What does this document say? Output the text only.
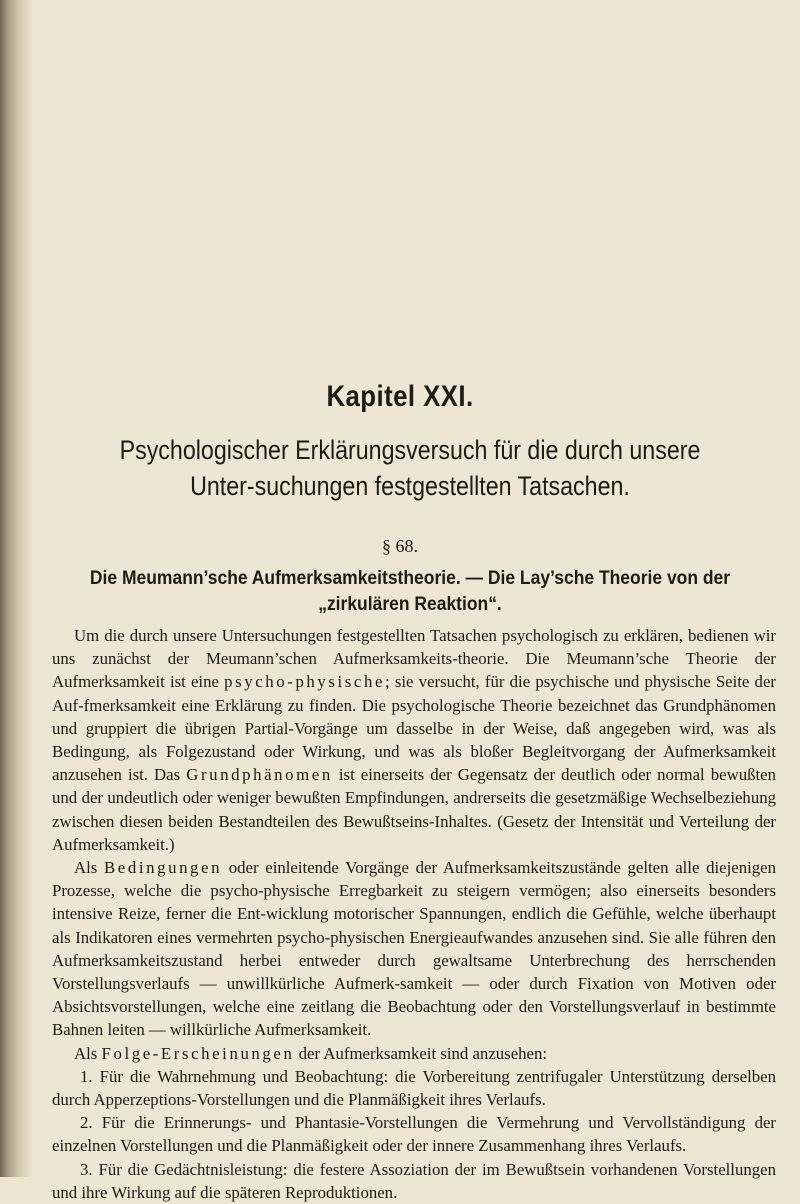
Kapitel XXI.
Psychologischer Erklärungsversuch für die durch unsere Unter-suchungen festgestellten Tatsachen.
§ 68.
Die Meumann’sche Aufmerksamkeitstheorie. — Die Lay’sche Theorie von der „zirkulären Reaktion“.

Um die durch unsere Untersuchungen festgestellten Tatsachen psychologisch zu erklären, bedienen wir uns zunächst der Meumann’schen Aufmerksamkeits-theorie. Die Meumann’sche Theorie der Aufmerksamkeit ist eine psycho-physische; sie versucht, für die psychische und physische Seite der Auf-fmerksamkeit eine Erklärung zu finden. Die psychologische Theorie bezeichnet das Grundphänomen und gruppiert die übrigen Partial-Vorgänge um dasselbe in der Weise, daß angegeben wird, was als Bedingung, als Folgezustand oder Wirkung, und was als bloßer Begleitvorgang der Aufmerksamkeit anzusehen ist. Das Grundphänomen ist einerseits der Gegensatz der deutlich oder normal bewußten und der undeutlich oder weniger bewußten Empfindungen, andrerseits die gesetzmäßige Wechselbeziehung zwischen diesen beiden Bestandteilen des Bewußtseins-Inhaltes. (Gesetz der Intensität und Verteilung der Aufmerksamkeit.)

Als Bedingungen oder einleitende Vorgänge der Aufmerksamkeitszustände gelten alle diejenigen Prozesse, welche die psycho-physische Erregbarkeit zu steigern vermögen; also einerseits besonders intensive Reize, ferner die Ent-wicklung motorischer Spannungen, endlich die Gefühle, welche überhaupt als Indikatoren eines vermehrten psycho-physischen Energieaufwandes anzusehen sind. Sie alle führen den Aufmerksamkeitszustand herbei entweder durch gewaltsame Unterbrechung des herrschenden Vorstellungsverlaufs — unwillkürliche Aufmerk-samkeit — oder durch Fixation von Motiven oder Absichtsvorstellungen, welche eine zeitlang die Beobachtung oder den Vorstellungsverlauf in bestimmte Bahnen leiten — willkürliche Aufmerksamkeit.

Als Folge-Erscheinungen der Aufmerksamkeit sind anzusehen:

1. Für die Wahrnehmung und Beobachtung: die Vorbereitung zentrifugaler Unterstützung derselben durch Apperzeptions-Vorstellungen und die Planmäßigkeit ihres Verlaufs.

2. Für die Erinnerungs- und Phantasie-Vorstellungen die Vermehrung und Vervollständigung der einzelnen Vorstellungen und die Planmäßigkeit oder der innere Zusammenhang ihres Verlaufs.

3. Für die Gedächtnisleistung: die festere Assoziation der im Bewußtsein vorhandenen Vorstellungen und ihre Wirkung auf die späteren Reproduktionen.
